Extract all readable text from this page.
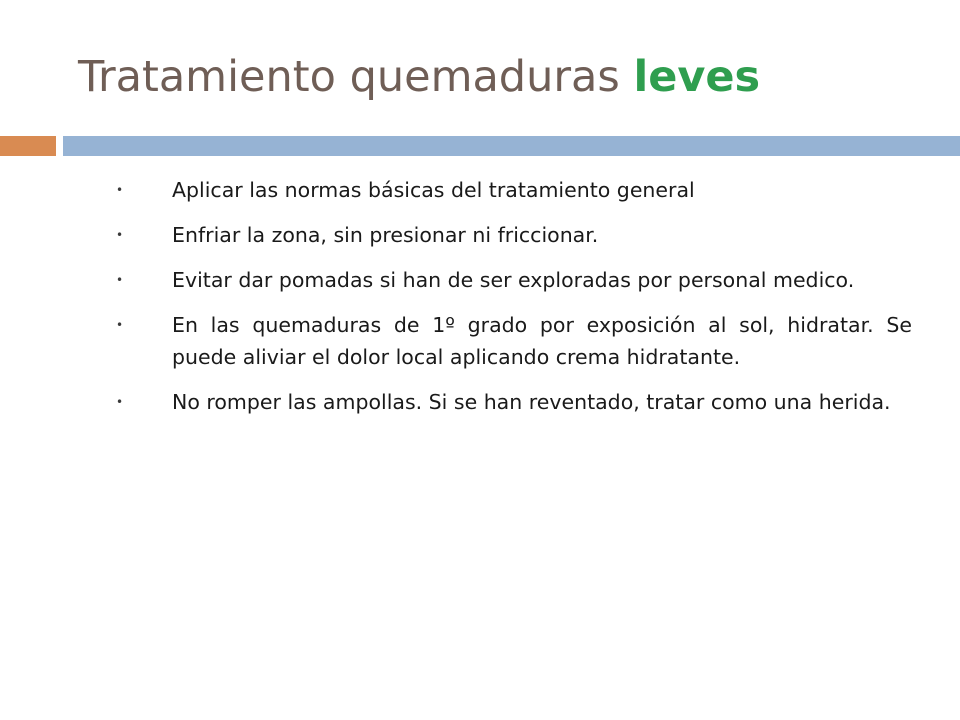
Tratamiento quemaduras leves
• Aplicar las normas básicas del tratamiento general
• Enfriar la zona, sin presionar ni friccionar.
• Evitar dar pomadas si han de ser exploradas por personal medico.
• En las quemaduras de 1º grado por exposición al sol, hidratar. Se puede aliviar el dolor local aplicando crema hidratante.
• No romper las ampollas. Si se han reventado, tratar como una herida.
